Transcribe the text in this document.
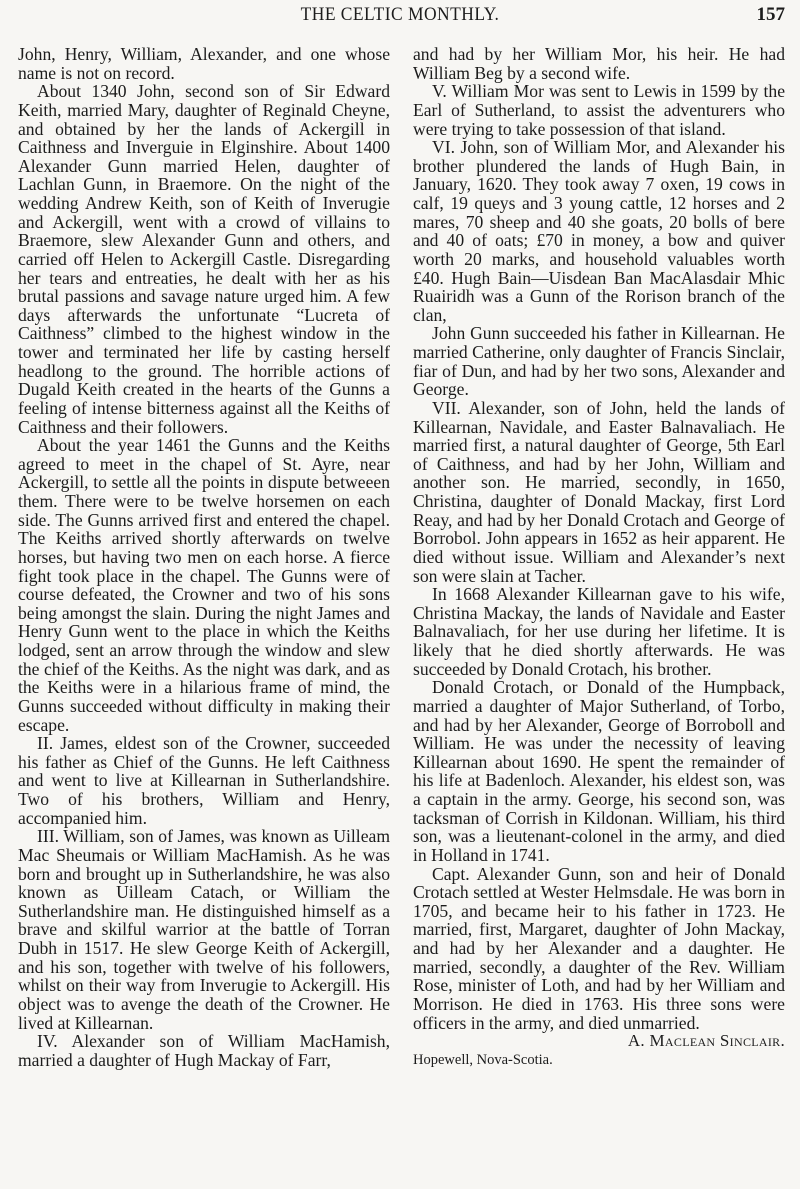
THE CELTIC MONTHLY.	157

John, Henry, William, Alexander, and one whose name is not on record.

About 1340 John, second son of Sir Edward Keith, married Mary, daughter of Reginald Cheyne, and obtained by her the lands of Ackergill in Caithness and Inverguie in Elginshire. About 1400 Alexander Gunn married Helen, daughter of Lachlan Gunn, in Braemore. On the night of the wedding Andrew Keith, son of Keith of Inverugie and Ackergill, went with a crowd of villains to Braemore, slew Alexander Gunn and others, and carried off Helen to Ackergill Castle. Disregarding her tears and entreaties, he dealt with her as his brutal passions and savage nature urged him. A few days afterwards the unfortunate “Lucreta of Caithness” climbed to the highest window in the tower and terminated her life by casting herself headlong to the ground. The horrible actions of Dugald Keith created in the hearts of the Gunns a feeling of intense bitterness against all the Keiths of Caithness and their followers.

About the year 1461 the Gunns and the Keiths agreed to meet in the chapel of St. Ayre, near Ackergill, to settle all the points in dispute betweeen them. There were to be twelve horsemen on each side. The Gunns arrived first and entered the chapel. The Keiths arrived shortly afterwards on twelve horses, but having two men on each horse. A fierce fight took place in the chapel. The Gunns were of course defeated, the Crowner and two of his sons being amongst the slain. During the night James and Henry Gunn went to the place in which the Keiths lodged, sent an arrow through the window and slew the chief of the Keiths. As the night was dark, and as the Keiths were in a hilarious frame of mind, the Gunns succeeded without difficulty in making their escape.

II. James, eldest son of the Crowner, succeeded his father as Chief of the Gunns. He left Caithness and went to live at Killearnan in Sutherlandshire. Two of his brothers, William and Henry, accompanied him.

III. William, son of James, was known as Uilleam Mac Sheumais or William MacHamish. As he was born and brought up in Sutherlandshire, he was also known as Uilleam Catach, or William the Sutherlandshire man. He distinguished himself as a brave and skilful warrior at the battle of Torran Dubh in 1517. He slew George Keith of Ackergill, and his son, together with twelve of his followers, whilst on their way from Inverugie to Ackergill. His object was to avenge the death of the Crowner. He lived at Killearnan.

IV. Alexander son of William MacHamish, married a daughter of Hugh Mackay of Farr,

and had by her William Mor, his heir. He had William Beg by a second wife.

V. William Mor was sent to Lewis in 1599 by the Earl of Sutherland, to assist the adventurers who were trying to take possession of that island.

VI. John, son of William Mor, and Alexander his brother plundered the lands of Hugh Bain, in January, 1620. They took away 7 oxen, 19 cows in calf, 19 queys and 3 young cattle, 12 horses and 2 mares, 70 sheep and 40 she goats, 20 bolls of bere and 40 of oats; £70 in money, a bow and quiver worth 20 marks, and household valuables worth £40. Hugh Bain—Uisdean Ban MacAlasdair Mhic Ruairidh was a Gunn of the Rorison branch of the clan,

John Gunn succeeded his father in Killearnan. He married Catherine, only daughter of Francis Sinclair, fiar of Dun, and had by her two sons, Alexander and George.

VII. Alexander, son of John, held the lands of Killearnan, Navidale, and Easter Balnavaliach. He married first, a natural daughter of George, 5th Earl of Caithness, and had by her John, William and another son. He married, secondly, in 1650, Christina, daughter of Donald Mackay, first Lord Reay, and had by her Donald Crotach and George of Borrobol. John appears in 1652 as heir apparent. He died without issue. William and Alexander’s next son were slain at Tacher.

In 1668 Alexander Killearnan gave to his wife, Christina Mackay, the lands of Navidale and Easter Balnavaliach, for her use during her lifetime. It is likely that he died shortly afterwards. He was succeeded by Donald Crotach, his brother.

Donald Crotach, or Donald of the Humpback, married a daughter of Major Sutherland, of Torbo, and had by her Alexander, George of Borroboll and William. He was under the necessity of leaving Killearnan about 1690. He spent the remainder of his life at Badenloch. Alexander, his eldest son, was a captain in the army. George, his second son, was tacksman of Corrish in Kildonan. William, his third son, was a lieutenant-colonel in the army, and died in Holland in 1741.

Capt. Alexander Gunn, son and heir of Donald Crotach settled at Wester Helmsdale. He was born in 1705, and became heir to his father in 1723. He married, first, Margaret, daughter of John Mackay, and had by her Alexander and a daughter. He married, secondly, a daughter of the Rev. William Rose, minister of Loth, and had by her William and Morrison. He died in 1763. His three sons were officers in the army, and died unmarried.

A. Maclean Sinclair.

Hopewell, Nova-Scotia.
